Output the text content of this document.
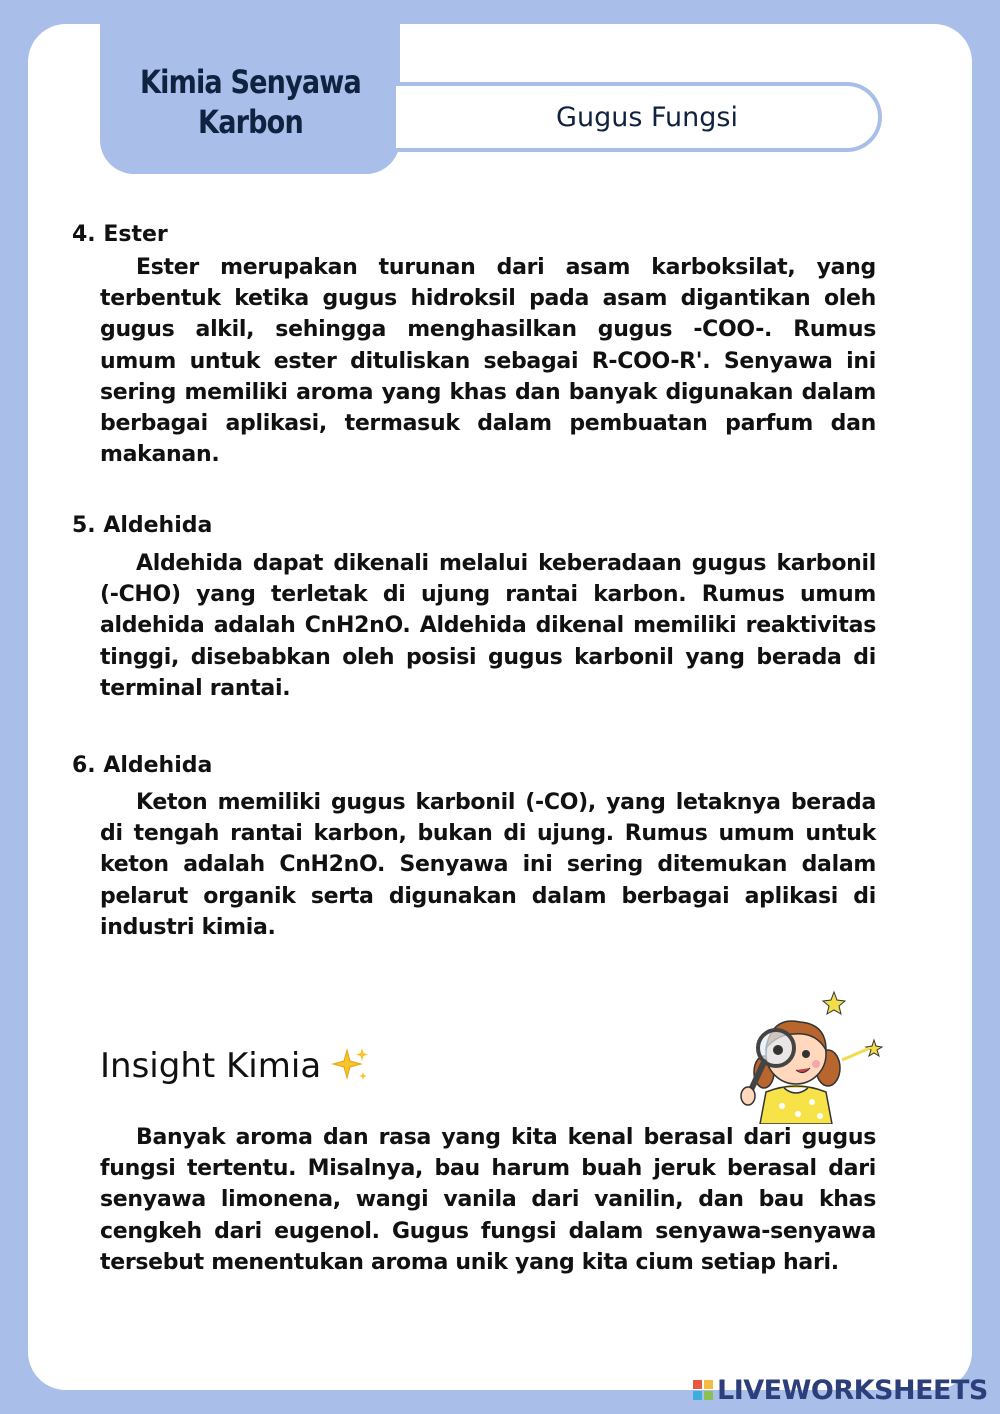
Kimia Senyawa
Karbon	Gugus Fungsi
4. Ester
Ester merupakan turunan dari asam karboksilat, yang terbentuk ketika gugus hidroksil pada asam digantikan oleh gugus alkil, sehingga menghasilkan gugus -COO-. Rumus umum untuk ester dituliskan sebagai R-COO-R'. Senyawa ini sering memiliki aroma yang khas dan banyak digunakan dalam berbagai aplikasi, termasuk dalam pembuatan parfum dan makanan.
5. Aldehida
Aldehida dapat dikenali melalui keberadaan gugus karbonil (-CHO) yang terletak di ujung rantai karbon. Rumus umum aldehida adalah CnH2nO. Aldehida dikenal memiliki reaktivitas tinggi, disebabkan oleh posisi gugus karbonil yang berada di terminal rantai.
6. Aldehida
Keton memiliki gugus karbonil (-CO), yang letaknya berada di tengah rantai karbon, bukan di ujung. Rumus umum untuk keton adalah CnH2nO. Senyawa ini sering ditemukan dalam pelarut organik serta digunakan dalam berbagai aplikasi di industri kimia.
Insight Kimia
Banyak aroma dan rasa yang kita kenal berasal dari gugus fungsi tertentu. Misalnya, bau harum buah jeruk berasal dari senyawa limonena, wangi vanila dari vanilin, dan bau khas cengkeh dari eugenol. Gugus fungsi dalam senyawa-senyawa tersebut menentukan aroma unik yang kita cium setiap hari.
LIVEWORKSHEETS
